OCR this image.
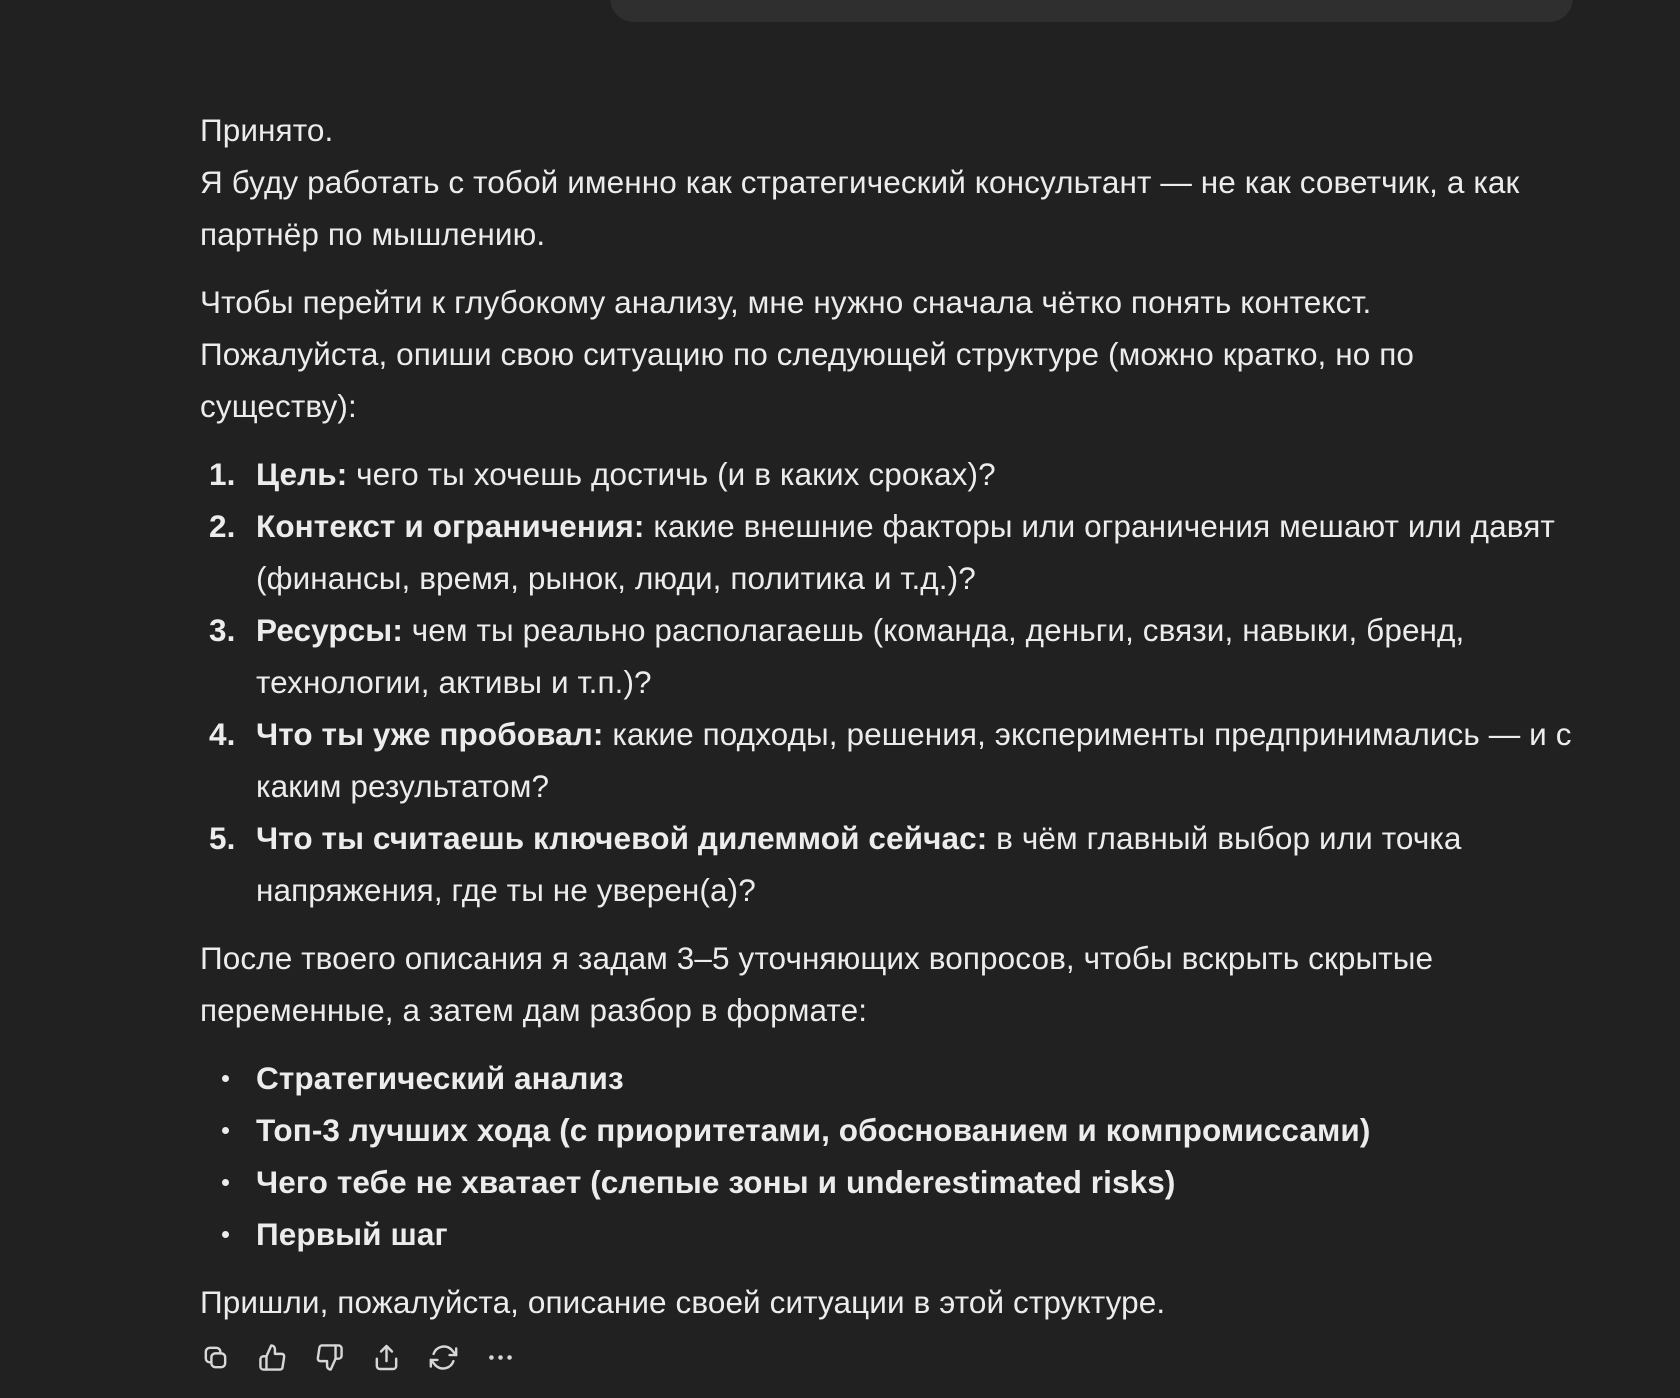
Принято.
Я буду работать с тобой именно как стратегический консультант — не как советчик, а как партнёр по мышлению.

Чтобы перейти к глубокому анализу, мне нужно сначала чётко понять контекст.
Пожалуйста, опиши свою ситуацию по следующей структуре (можно кратко, но по существу):

1. Цель: чего ты хочешь достичь (и в каких сроках)?
2. Контекст и ограничения: какие внешние факторы или ограничения мешают или давят (финансы, время, рынок, люди, политика и т.д.)?
3. Ресурсы: чем ты реально располагаешь (команда, деньги, связи, навыки, бренд, технологии, активы и т.п.)?
4. Что ты уже пробовал: какие подходы, решения, эксперименты предпринимались — и с каким результатом?
5. Что ты считаешь ключевой дилеммой сейчас: в чём главный выбор или точка напряжения, где ты не уверен(а)?

После твоего описания я задам 3–5 уточняющих вопросов, чтобы вскрыть скрытые переменные, а затем дам разбор в формате:

Стратегический анализ
Топ-3 лучших хода (с приоритетами, обоснованием и компромиссами)
Чего тебе не хватает (слепые зоны и underestimated risks)
Первый шаг

Пришли, пожалуйста, описание своей ситуации в этой структуре.
